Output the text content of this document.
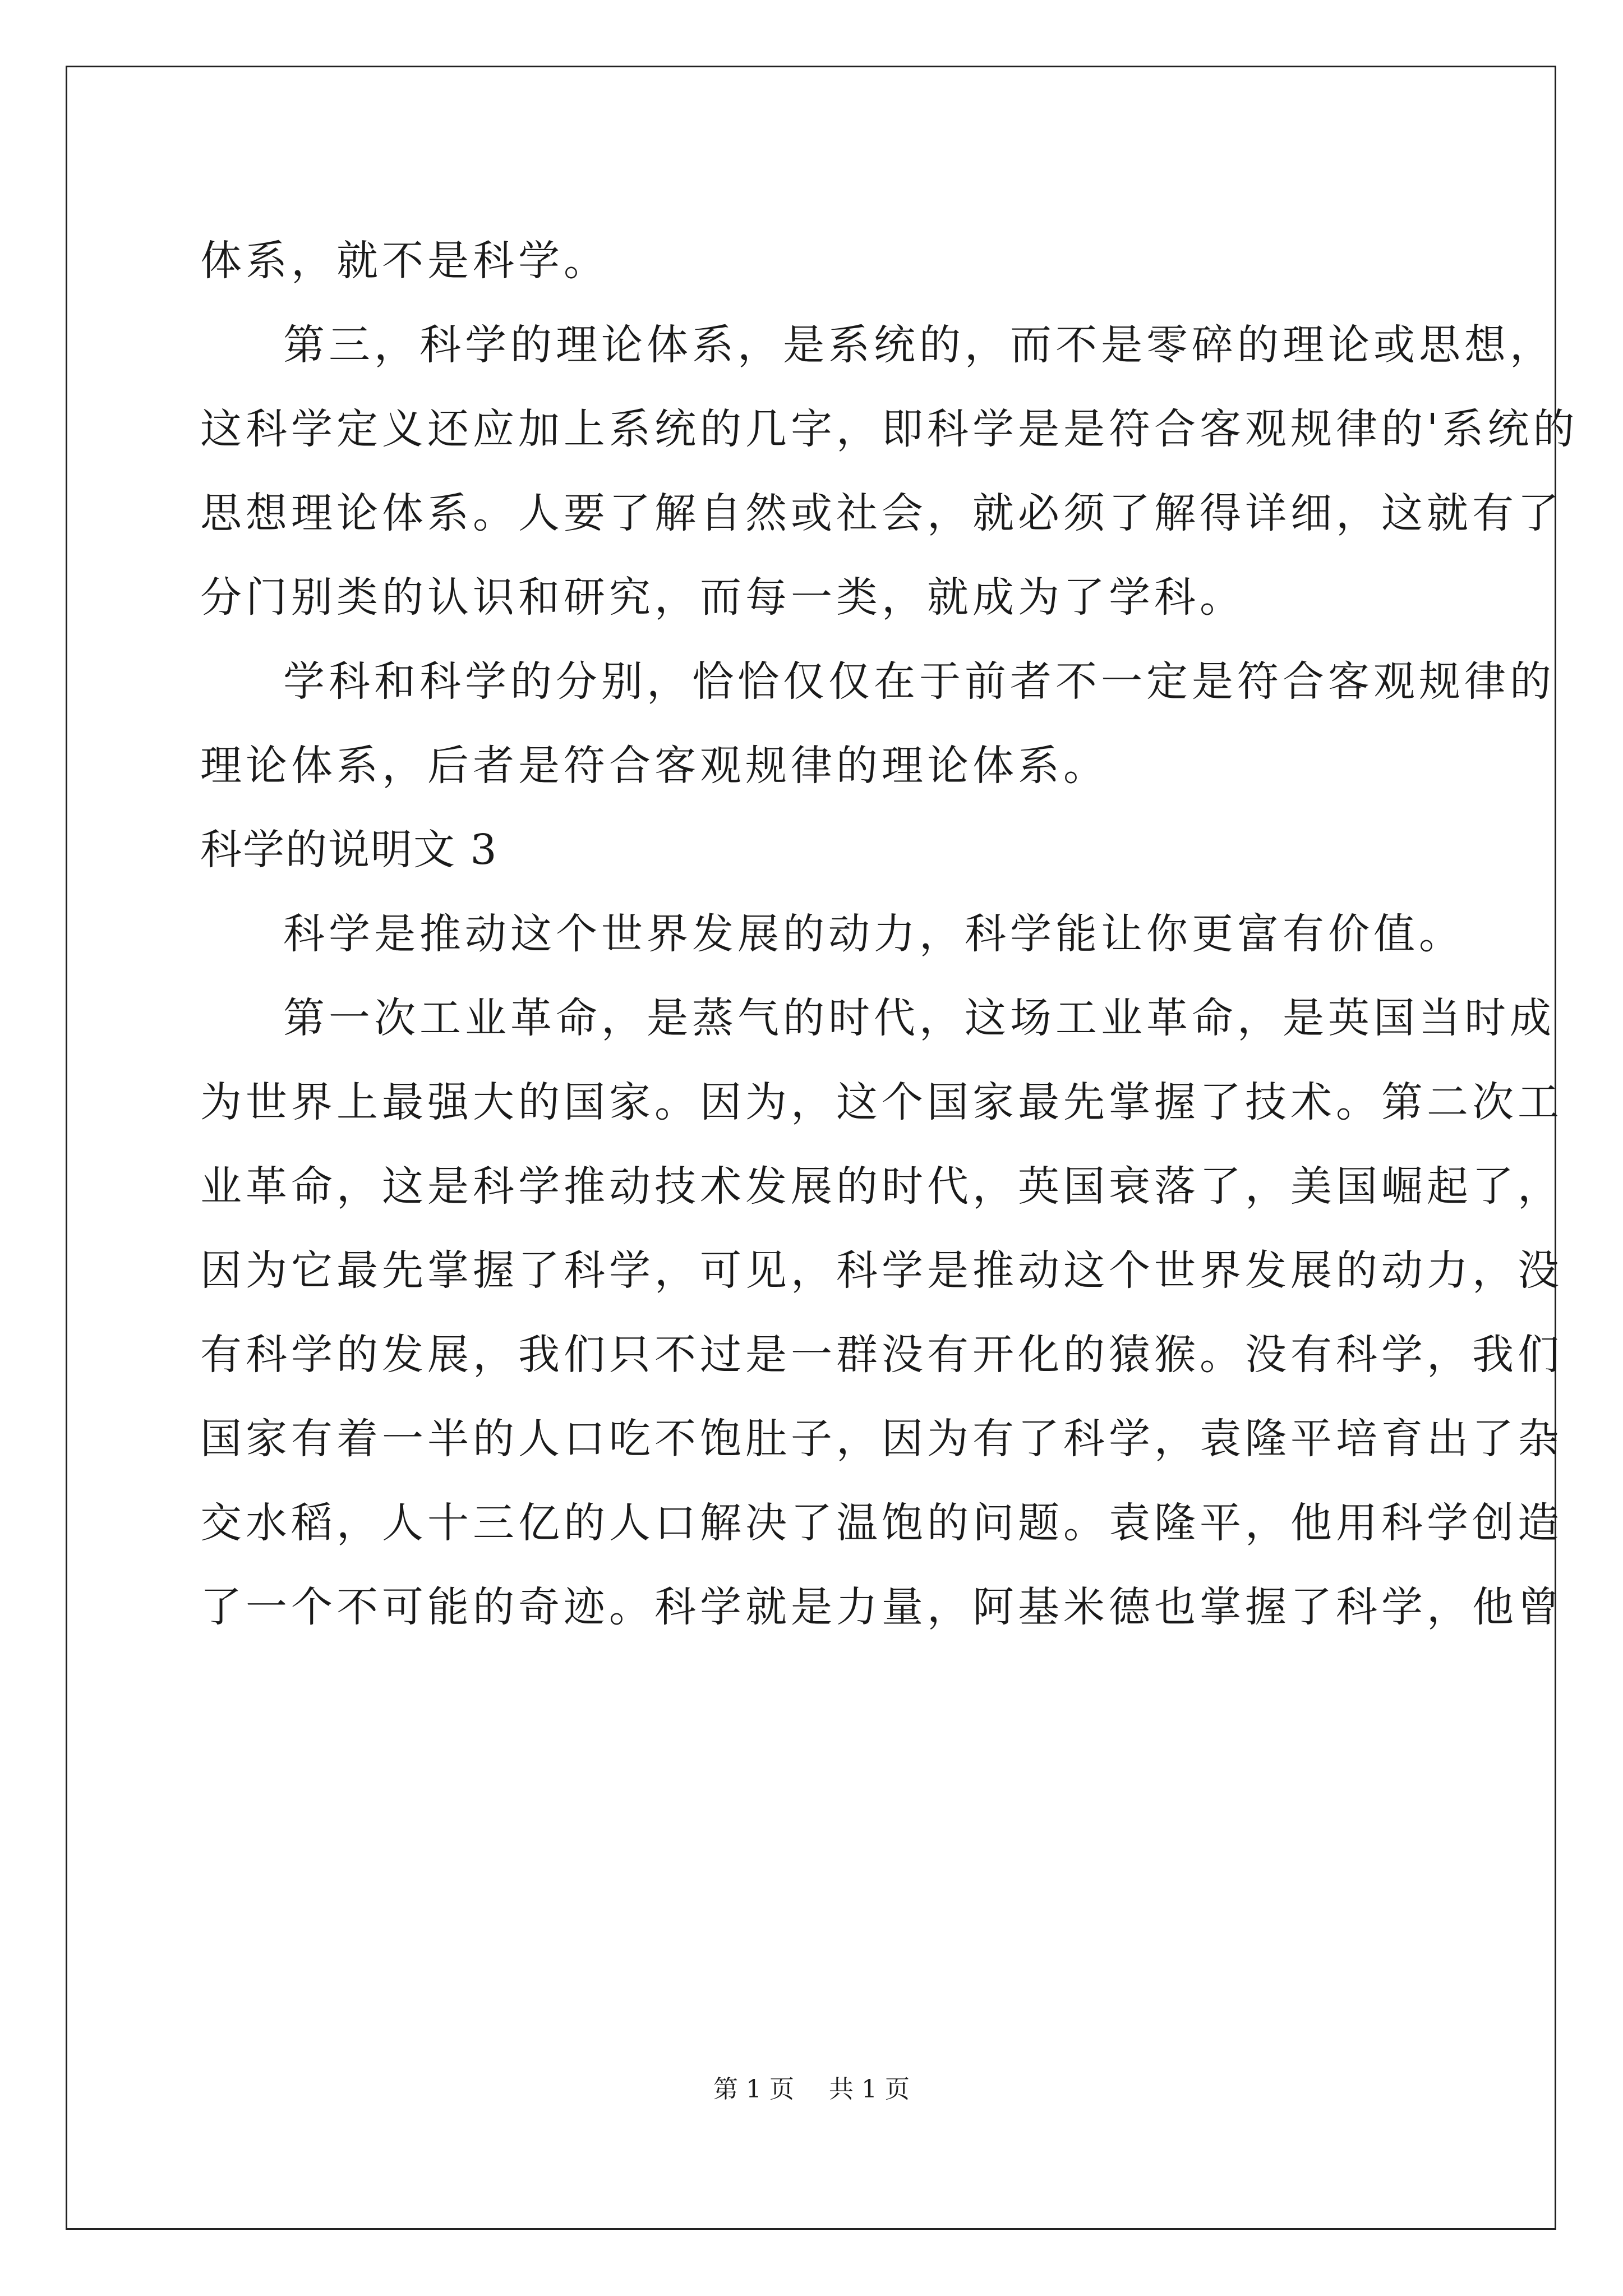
体系，就不是科学。
第三，科学的理论体系，是系统的，而不是零碎的理论或思想，
这科学定义还应加上系统的几字，即科学是是符合客观规律的'系统的
思想理论体系。人要了解自然或社会，就必须了解得详细，这就有了
分门别类的认识和研究，而每一类，就成为了学科。
学科和科学的分别，恰恰仅仅在于前者不一定是符合客观规律的
理论体系，后者是符合客观规律的理论体系。
科学的说明文 3
科学是推动这个世界发展的动力，科学能让你更富有价值。
第一次工业革命，是蒸气的时代，这场工业革命，是英国当时成
为世界上最强大的国家。因为，这个国家最先掌握了技术。第二次工
业革命，这是科学推动技术发展的时代，英国衰落了，美国崛起了，
因为它最先掌握了科学，可见，科学是推动这个世界发展的动力，没
有科学的发展，我们只不过是一群没有开化的猿猴。没有科学，我们
国家有着一半的人口吃不饱肚子，因为有了科学，袁隆平培育出了杂
交水稻，人十三亿的人口解决了温饱的问题。袁隆平，他用科学创造
了一个不可能的奇迹。科学就是力量，阿基米德也掌握了科学，他曾
第 1 页 共 1 页
